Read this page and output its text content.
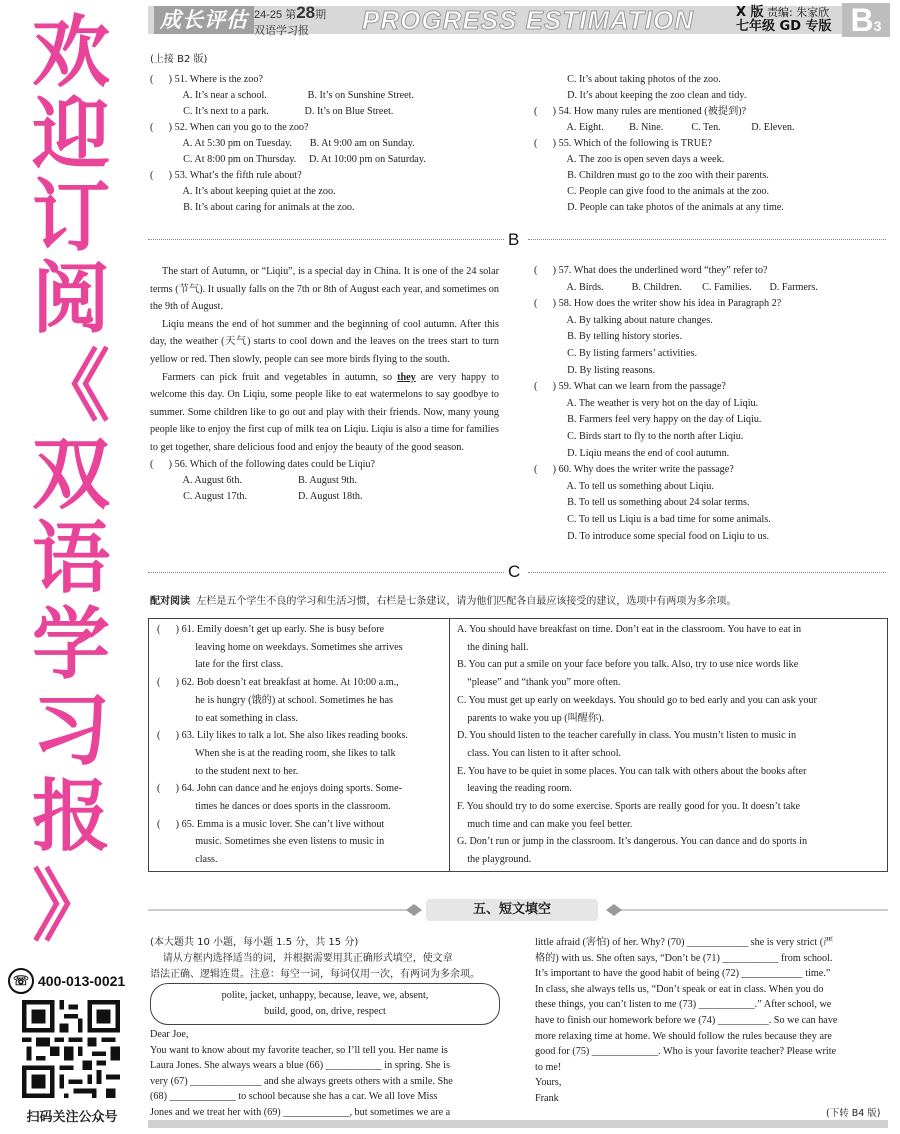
欢
迎
订
阅
《
双
语
学
习
报
》
☏ 400-013-0021
扫码关注公众号
成长评估 24-25 第28期
双语学习报 PROGRESS ESTIMATION	X 版 责编: 朱家欣
七年级 GD 专版 B3
(上接 B2 版)
(      ) 51. Where is the zoo?
A. It’s near a school.                B. It’s on Sunshine Street.
C. It’s next to a park.              D. It’s on Blue Street.
(      ) 52. When can you go to the zoo?
A. At 5:30 pm on Tuesday.       B. At 9:00 am on Sunday.
C. At 8:00 pm on Thursday.     D. At 10:00 pm on Saturday.
(      ) 53. What’s the fifth rule about?
A. It’s about keeping quiet at the zoo.
B. It’s about caring for animals at the zoo.
C. It’s about taking photos of the zoo.
D. It’s about keeping the zoo clean and tidy.
(      ) 54. How many rules are mentioned (被提到)?
A. Eight.          B. Nine.           C. Ten.            D. Eleven.
(      ) 55. Which of the following is TRUE?
A. The zoo is open seven days a week.
B. Children must go to the zoo with their parents.
C. People can give food to the animals at the zoo.
D. People can take photos of the animals at any time.
B
The start of Autumn, or “Liqiu”, is a special day in China. It is one of the 24 solar terms (节气). It usually falls on the 7th or 8th of August each year, and sometimes on the 9th of August.
Liqiu means the end of hot summer and the beginning of cool autumn. After this day, the weather (天气) starts to cool down and the leaves on the trees start to turn yellow or red. Then slowly, people can see more birds flying to the south.
Farmers can pick fruit and vegetables in autumn, so they are very happy to welcome this day. On Liqiu, some people like to eat watermelons to say goodbye to summer. Some children like to go out and play with their friends. Now, many young people like to enjoy the first cup of milk tea on Liqiu. Liqiu is also a time for families to get together, share delicious food and enjoy the beauty of the good season.
(      ) 56. Which of the following dates could be Liqiu?
A. August 6th.                      B. August 9th.
C. August 17th.                    D. August 18th.
(      ) 57. What does the underlined word “they” refer to?
A. Birds.           B. Children.        C. Families.       D. Farmers.
(      ) 58. How does the writer show his idea in Paragraph 2?
A. By talking about nature changes.
B. By telling history stories.
C. By listing farmers’ activities.
D. By listing reasons.
(      ) 59. What can we learn from the passage?
A. The weather is very hot on the day of Liqiu.
B. Farmers feel very happy on the day of Liqiu.
C. Birds start to fly to the north after Liqiu.
D. Liqiu means the end of cool autumn.
(      ) 60. Why does the writer write the passage?
A. To tell us something about Liqiu.
B. To tell us something about 24 solar terms.
C. To tell us Liqiu is a bad time for some animals.
D. To introduce some special food on Liqiu to us.
C
配对阅读 左栏是五个学生不良的学习和生活习惯，右栏是七条建议，请为他们匹配各自最应该接受的建议，选项中有两项为多余项。
(      ) 61. Emily doesn’t get up early. She is busy before
leaving home on weekdays. Sometimes she arrives
late for the first class.
(      ) 62. Bob doesn’t eat breakfast at home. At 10:00 a.m.,
he is hungry (饿的) at school. Sometimes he has
to eat something in class.
(      ) 63. Lily likes to talk a lot. She also likes reading books.
When she is at the reading room, she likes to talk
to the student next to her.
(      ) 64. John can dance and he enjoys doing sports. Some-
times he dances or does sports in the classroom.
(      ) 65. Emma is a music lover. She can’t live without
music. Sometimes she even listens to music in
class.
A. You should have breakfast on time. Don’t eat in the classroom. You have to eat in
the dining hall.
B. You can put a smile on your face before you talk. Also, try to use nice words like
“please” and “thank you” more often.
C. You must get up early on weekdays. You should go to bed early and you can ask your
parents to wake you up (叫醒你).
D. You should listen to the teacher carefully in class. You mustn’t listen to music in
class. You can listen to it after school.
E. You have to be quiet in some places. You can talk with others about the books after
leaving the reading room.
F. You should try to do some exercise. Sports are really good for you. It doesn’t take
much time and can make you feel better.
G. Don’t run or jump in the classroom. It’s dangerous. You can dance and do sports in
the playground.
五、短文填空
(本大题共 10 小题，每小题 1.5 分，共 15 分)
请从方框内选择适当的词，并根据需要用其正确形式填空，使文章
语法正确、逻辑连贯。注意：每空一词，每词仅用一次，有两词为多余项。
polite, jacket, unhappy, because, leave, we, absent,
build, good, on, drive, respect
Dear Joe,
You want to know about my favorite teacher, so I’ll tell you. Her name is
Laura Jones. She always wears a blue (66) ___________ in spring. She is
very (67) ______________ and she always greets others with a smile. She
(68) _____________ to school because she has a car. We all love Miss
Jones and we treat her with (69) _____________, but sometimes we are a
little afraid (害怕) of her. Why? (70) ____________ she is very strict (严
格的) with us. She often says, “Don’t be (71) ___________ from school.
It’s important to have the good habit of being (72) ____________ time.”
In class, she always tells us, “Don’t speak or eat in class. When you do
these things, you can’t listen to me (73) ___________.” After school, we
have to finish our homework before we (74) __________. So we can have
more relaxing time at home. We should follow the rules because they are
good for (75) _____________. Who is your favorite teacher? Please write
to me!
Yours,
Frank
(下转 B4 版)
